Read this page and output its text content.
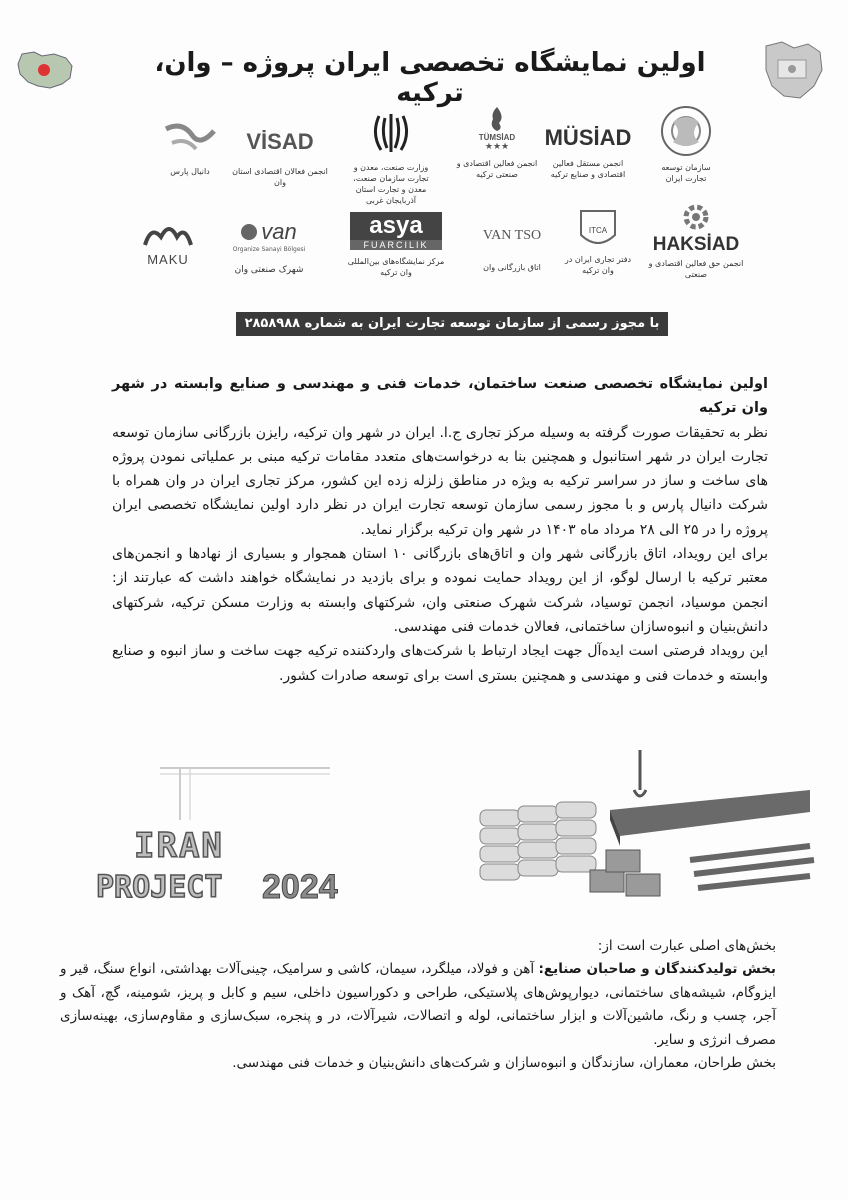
اولین نمایشگاه تخصصی ایران پروژه – وان، ترکیه
دانیال پارس
VİSAD
انجمن فعالان اقتصادی استان وان
وزارت صنعت، معدن و تجارت سازمان صنعت، معدن و تجارت استان آذربایجان غربی
TÜMSİAD
★★★
انجمن فعالین اقتصادی و صنعتی ترکیه
MÜSİAD
انجمن مستقل فعالین اقتصادی و صنایع ترکیه
سازمان توسعه تجارت ایران
MAKU
van
Organize Sanayi Bölgesi
شهرک صنعتی وان
asya
FUARCILIK
مرکز نمایشگاه‌های بین‌المللی وان ترکیه
VAN TSO
اتاق بازرگانی وان
ITCA
دفتر تجاری ایران در وان ترکیه
HAKSİAD
انجمن حق فعالین اقتصادی و صنعتی
با مجوز رسمی از سازمان توسعه تجارت ایران به شماره ۲۸۵۸۹۸۸

اولین نمایشگاه تخصصی صنعت ساختمان، خدمات فنی و مهندسی و صنایع وابسته در شهر وان ترکیه

نظر به تحقیقات صورت گرفته به وسیله مرکز تجاری ج.ا. ایران در شهر وان ترکیه، رایزن بازرگانی سازمان توسعه تجارت ایران در شهر استانبول و همچنین بنا به درخواست‌های متعدد مقامات ترکیه مبنی بر عملیاتی نمودن پروژه های ساخت و ساز در سراسر ترکیه به ویژه در مناطق زلزله زده این کشور، مرکز تجاری ایران در وان همراه با شرکت دانیال پارس و با مجوز رسمی سازمان توسعه تجارت ایران در نظر دارد اولین نمایشگاه تخصصی ایران پروژه را در ۲۵ الی ۲۸ مرداد ماه ۱۴۰۳ در شهر وان ترکیه برگزار نماید.

برای این رویداد، اتاق بازرگانی شهر وان و اتاق‌های بازرگانی ۱۰ استان همجوار و بسیاری از نهادها و انجمن‌های معتبر ترکیه با ارسال لوگو، از این رویداد حمایت نموده و برای بازدید در نمایشگاه خواهند داشت که عبارتند از: انجمن موسیاد، انجمن توسیاد، شرکت شهرک صنعتی وان، شرکتهای وابسته به وزارت مسکن ترکیه، شرکتهای دانش‌بنیان و انبوه‌سازان ساختمانی، فعالان خدمات فنی مهندسی.

این رویداد فرصتی است ایده‌آل جهت ایجاد ارتباط با شرکت‌های واردکننده ترکیه جهت ساخت و ساز انبوه و صنایع وابسته و خدمات فنی و مهندسی و همچنین بستری است برای توسعه صادرات کشور.

IRAN
PROJECT 2024

بخش‌های اصلی عبارت است از:

بخش تولیدکنندگان و صاحبان صنایع: آهن و فولاد، میلگرد، سیمان، کاشی و سرامیک، چینی‌آلات بهداشتی، انواع سنگ، قیر و ایزوگام، شیشه‌های ساختمانی، دیوارپوش‌های پلاستیکی، طراحی و دکوراسیون داخلی، سیم و کابل و پریز، شومینه، گچ، آهک و آجر، چسب و رنگ، ماشین‌آلات و ابزار ساختمانی، لوله و اتصالات، شیرآلات، در و پنجره، سبک‌سازی و مقاوم‌سازی، بهینه‌سازی مصرف انرژی و سایر.

بخش طراحان، معماران، سازندگان و انبوه‌سازان و شرکت‌های دانش‌بنیان و خدمات فنی مهندسی.
